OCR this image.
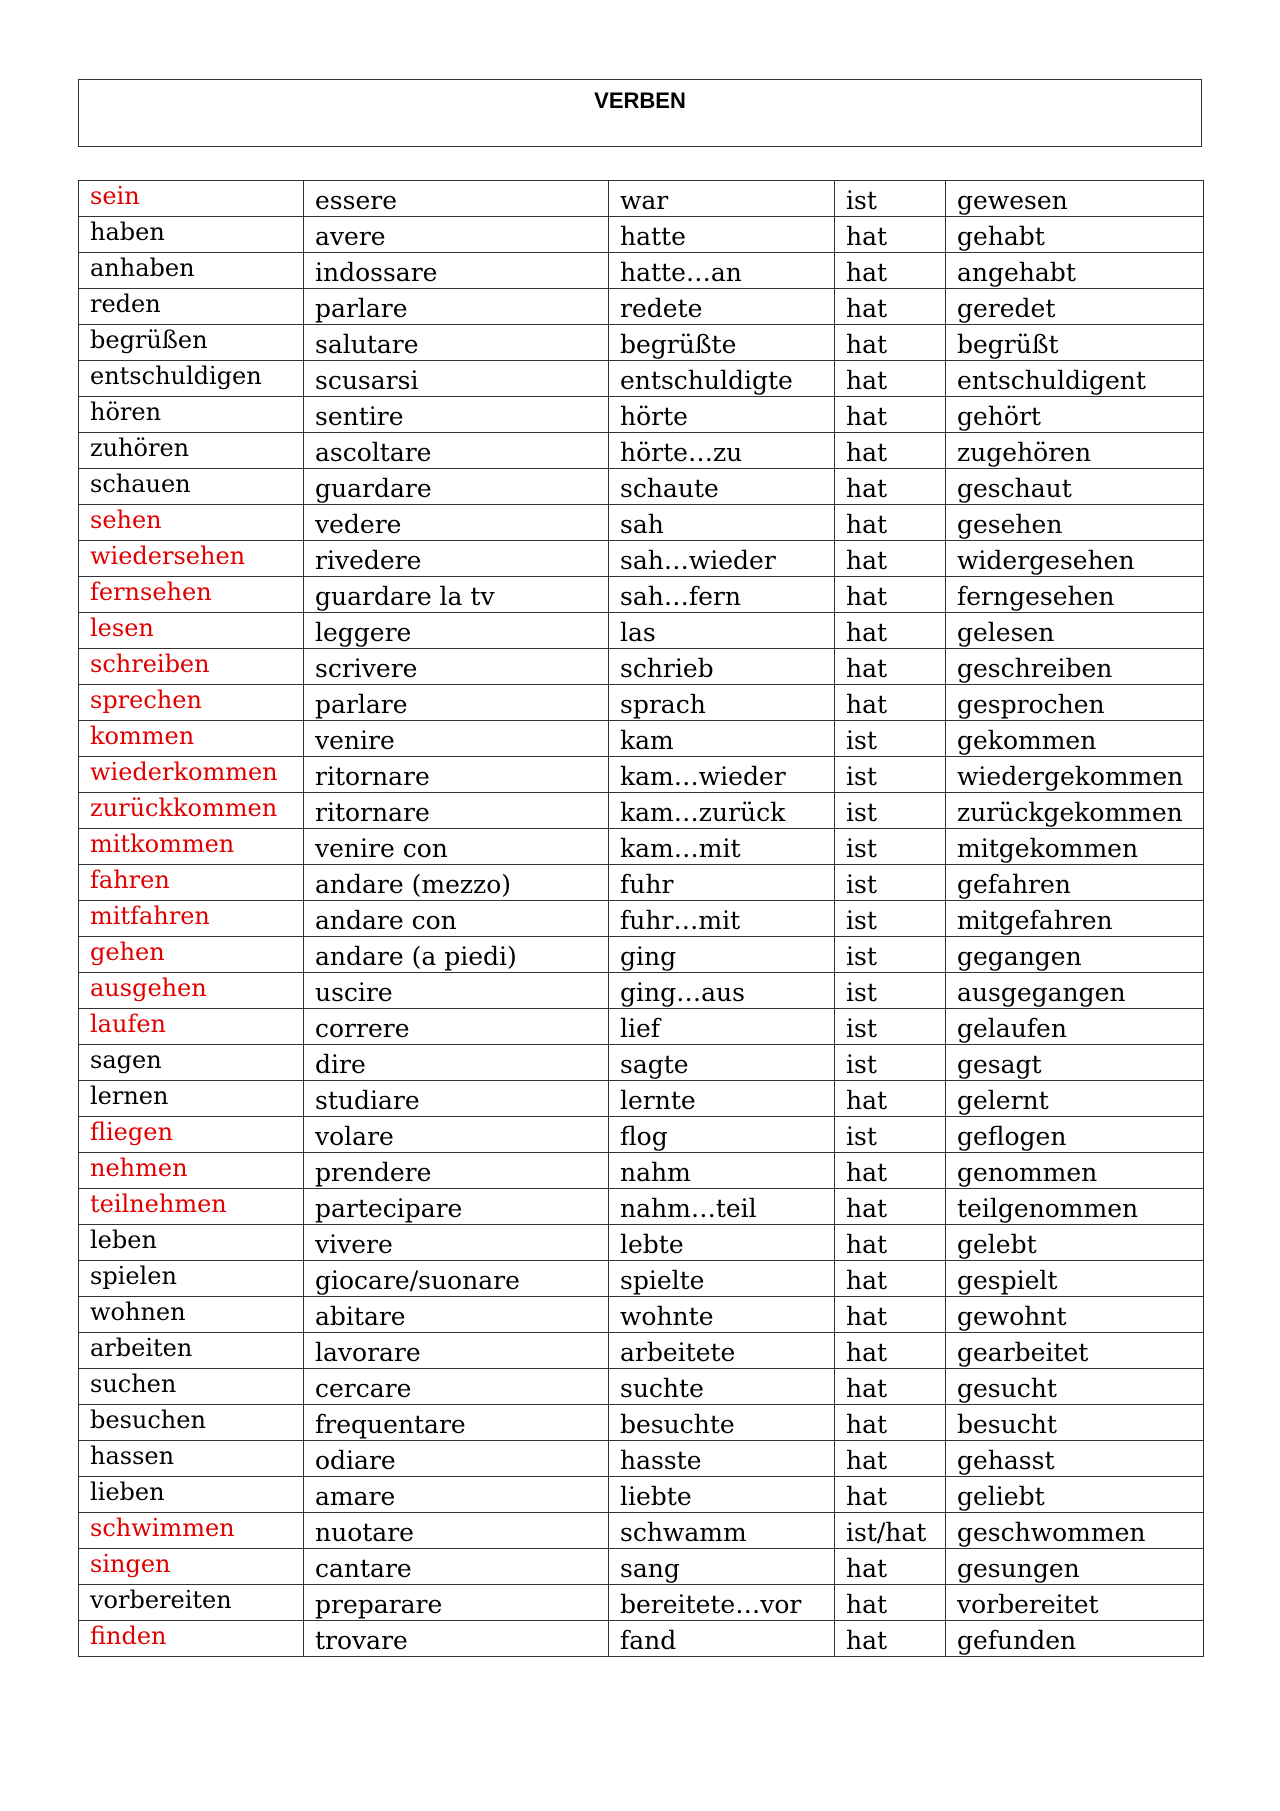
VERBEN
sein	essere	war	ist	gewesen
haben	avere	hatte	hat	gehabt
anhaben	indossare	hatte…an	hat	angehabt
reden	parlare	redete	hat	geredet
begrüßen	salutare	begrüßte	hat	begrüßt
entschuldigen	scusarsi	entschuldigte	hat	entschuldigent
hören	sentire	hörte	hat	gehört
zuhören	ascoltare	hörte…zu	hat	zugehören
schauen	guardare	schaute	hat	geschaut
sehen	vedere	sah	hat	gesehen
wiedersehen	rivedere	sah…wieder	hat	widergesehen
fernsehen	guardare la tv	sah…fern	hat	ferngesehen
lesen	leggere	las	hat	gelesen
schreiben	scrivere	schrieb	hat	geschreiben
sprechen	parlare	sprach	hat	gesprochen
kommen	venire	kam	ist	gekommen
wiederkommen	ritornare	kam…wieder	ist	wiedergekommen
zurückkommen	ritornare	kam…zurück	ist	zurückgekommen
mitkommen	venire con	kam…mit	ist	mitgekommen
fahren	andare (mezzo)	fuhr	ist	gefahren
mitfahren	andare con	fuhr…mit	ist	mitgefahren
gehen	andare (a piedi)	ging	ist	gegangen
ausgehen	uscire	ging…aus	ist	ausgegangen
laufen	correre	lief	ist	gelaufen
sagen	dire	sagte	ist	gesagt
lernen	studiare	lernte	hat	gelernt
fliegen	volare	flog	ist	geflogen
nehmen	prendere	nahm	hat	genommen
teilnehmen	partecipare	nahm…teil	hat	teilgenommen
leben	vivere	lebte	hat	gelebt
spielen	giocare/suonare	spielte	hat	gespielt
wohnen	abitare	wohnte	hat	gewohnt
arbeiten	lavorare	arbeitete	hat	gearbeitet
suchen	cercare	suchte	hat	gesucht
besuchen	frequentare	besuchte	hat	besucht
hassen	odiare	hasste	hat	gehasst
lieben	amare	liebte	hat	geliebt
schwimmen	nuotare	schwamm	ist/hat	geschwommen
singen	cantare	sang	hat	gesungen
vorbereiten	preparare	bereitete…vor	hat	vorbereitet
finden	trovare	fand	hat	gefunden
